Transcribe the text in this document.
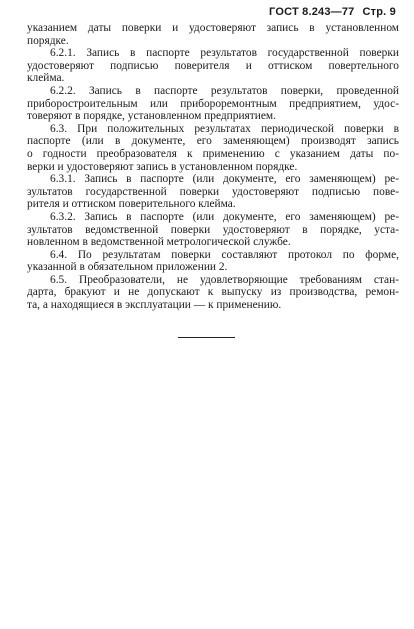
ГОСТ 8.243—77 Стр. 9
указанием даты поверки и удостоверяют запись в установленном
порядке.
6.2.1. Запись в паспорте результатов государственной поверки
удостоверяют подписью поверителя и оттиском повертельного
клейма.
6.2.2. Запись в паспорте результатов поверки, проведенной
приборостроительным или приборoремонтным предприятием, удос-
товеряют в порядке, установленном предприятием.
6.3. При положительных результатах периодической поверки в
паспорте (или в документе, его заменяющем) производят запись
о годности преобразователя к применению с указанием даты по-
верки и удостоверяют запись в установленном порядке.
6.3.1. Запись в паспорте (или документе, его заменяющем) ре-
зультатов государственной поверки удостоверяют подписью пове-
рителя и оттиском поверительного клейма.
6.3.2. Запись в паспорте (или документе, его заменяющем) ре-
зультатов ведомственной поверки удостоверяют в порядке, уста-
новленном в ведомственной метрологической службе.
6.4. По результатам поверки составляют протокол по форме,
указанной в обязательном приложении 2.
6.5. Преобразователи, не удовлетворяющие требованиям стан-
дарта, бракуют и не допускают к выпуску из производства, ремон-
та, а находящиеся в эксплуатации — к применению.
